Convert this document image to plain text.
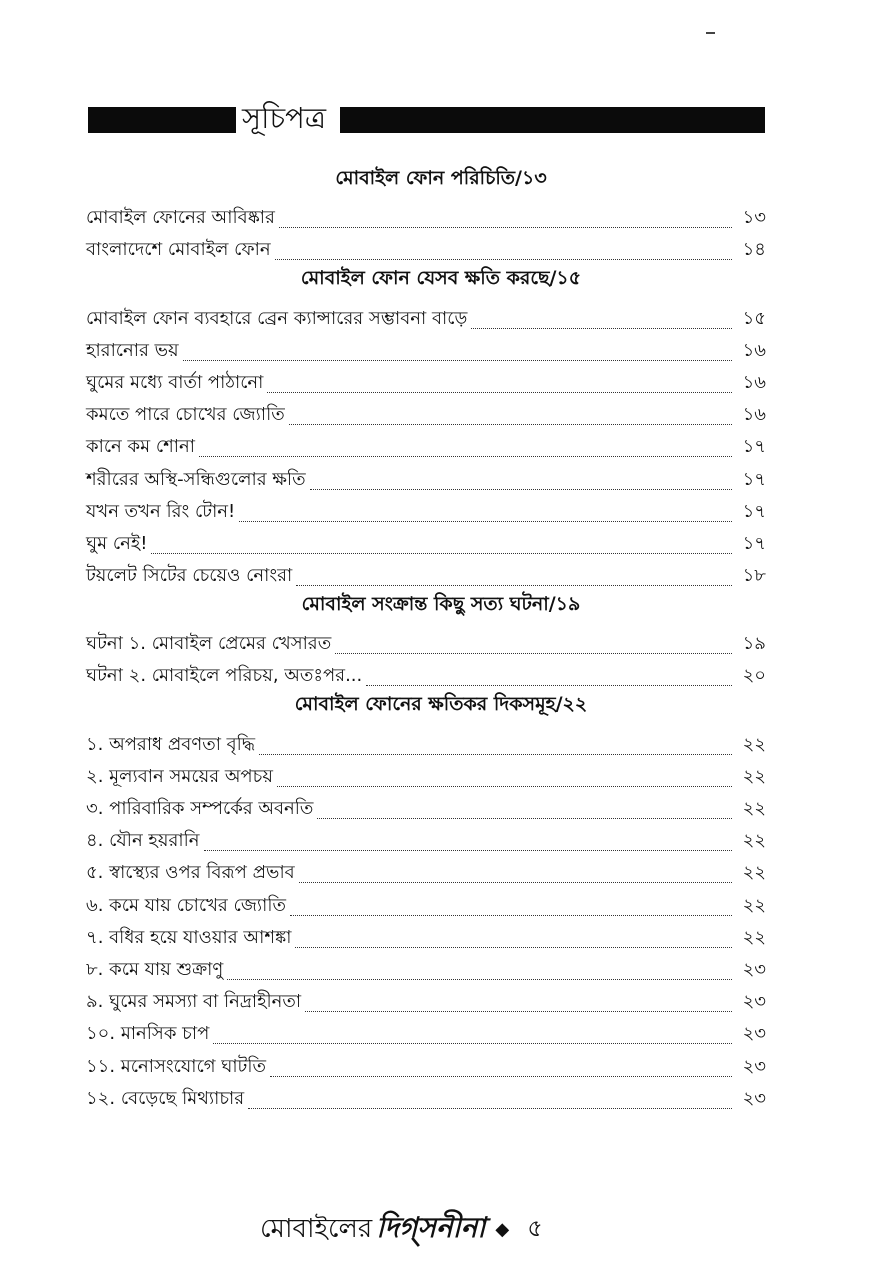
সূচিপত্র
মোবাইল ফোন পরিচিতি/১৩
মোবাইল ফোনের আবিষ্কার	১৩
বাংলাদেশে মোবাইল ফোন	১৪
মোবাইল ফোন যেসব ক্ষতি করছে/১৫
মোবাইল ফোন ব্যবহারে ব্রেন ক্যান্সারের সম্ভাবনা বাড়ে	১৫
হারানোর ভয়	১৬
ঘুমের মধ্যে বার্তা পাঠানো	১৬
কমতে পারে চোখের জ্যোতি	১৬
কানে কম শোনা	১৭
শরীরের অস্থি-সন্ধিগুলোর ক্ষতি	১৭
যখন তখন রিং টোন!	১৭
ঘুম নেই!	১৭
টয়লেট সিটের চেয়েও নোংরা	১৮
মোবাইল সংক্রান্ত কিছু সত্য ঘটনা/১৯
ঘটনা ১. মোবাইল প্রেমের খেসারত	১৯
ঘটনা ২. মোবাইলে পরিচয়, অতঃপর...	২০
মোবাইল ফোনের ক্ষতিকর দিকসমূহ/২২
১. অপরাধ প্রবণতা বৃদ্ধি	২২
২. মূল্যবান সময়ের অপচয়	২২
৩. পারিবারিক সম্পর্কের অবনতি	২২
৪. যৌন হয়রানি	২২
৫. স্বাস্থ্যের ওপর বিরূপ প্রভাব	২২
৬. কমে যায় চোখের জ্যোতি	২২
৭. বধির হয়ে যাওয়ার আশঙ্কা	২২
৮. কমে যায় শুক্রাণু	২৩
৯. ঘুমের সমস্যা বা নিদ্রাহীনতা	২৩
১০. মানসিক চাপ	২৩
১১. মনোসংযোগে ঘাটতি	২৩
১২. বেড়েছে মিথ্যাচার	২৩
মোবাইলের দিগ্‌সনীনা ◆ ৫
